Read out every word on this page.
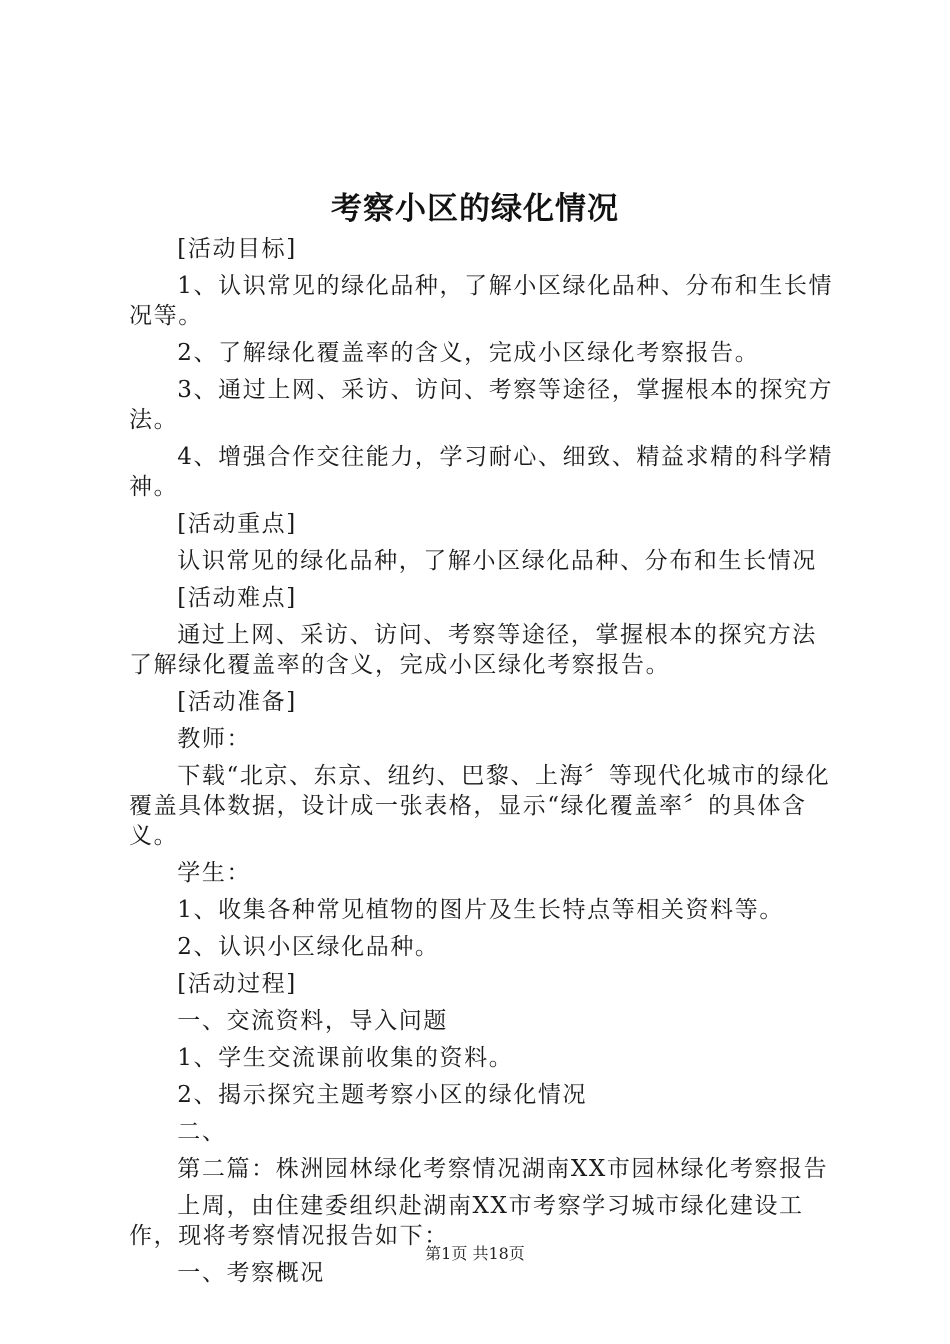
考察小区的绿化情况
[活动目标]
1、认识常见的绿化品种，了解小区绿化品种、分布和生长情况等。
2、了解绿化覆盖率的含义，完成小区绿化考察报告。
3、通过上网、采访、访问、考察等途径，掌握根本的探究方法。
4、增强合作交往能力，学习耐心、细致、精益求精的科学精神。
[活动重点]
认识常见的绿化品种，了解小区绿化品种、分布和生长情况
[活动难点]
通过上网、采访、访问、考察等途径，掌握根本的探究方法
了解绿化覆盖率的含义，完成小区绿化考察报告。
[活动准备]
教师：
下载“北京、东京、纽约、巴黎、上海〞等现代化城市的绿化覆盖具体数据，设计成一张表格，显示“绿化覆盖率〞的具体含义。
学生：
1、收集各种常见植物的图片及生长特点等相关资料等。
2、认识小区绿化品种。
[活动过程]
一、交流资料，导入问题
1、学生交流课前收集的资料。
2、揭示探究主题考察小区的绿化情况
二、
第二篇：株洲园林绿化考察情况湖南XX市园林绿化考察报告
上周，由住建委组织赴湖南XX市考察学习城市绿化建设工作，现将考察情况报告如下：
一、考察概况
第1页 共18页
